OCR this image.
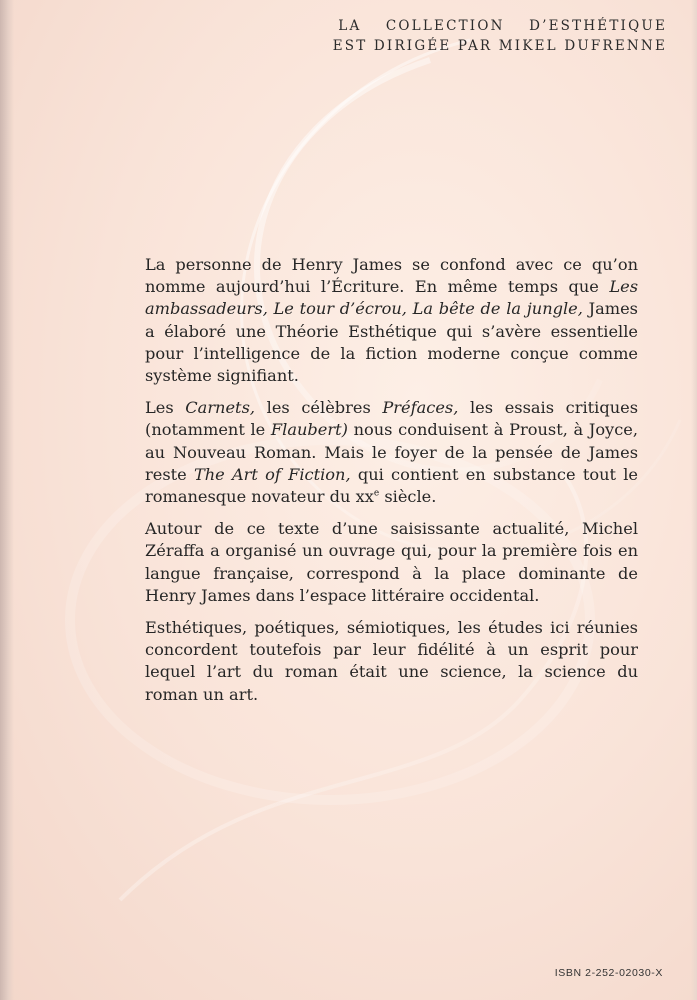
LA COLLECTION D’ESTHÉTIQUE
EST DIRIGÉE PAR MIKEL DUFRENNE

La personne de Henry James se confond avec ce qu’on nomme aujourd’hui l’Écriture. En même temps que Les ambassadeurs, Le tour d’écrou, La bête de la jungle, James a élaboré une Théorie Esthétique qui s’avère essentielle pour l’intelligence de la fiction moderne conçue comme système signifiant.

Les Carnets, les célèbres Préfaces, les essais critiques (notamment le Flaubert) nous conduisent à Proust, à Joyce, au Nouveau Roman. Mais le foyer de la pensée de James reste The Art of Fiction, qui contient en substance tout le romanesque novateur du $xx^e$ siècle.

Autour de ce texte d’une saisissante actualité, Michel Zéraffa a organisé un ouvrage qui, pour la première fois en langue française, correspond à la place dominante de Henry James dans l’espace littéraire occidental.

Esthétiques, poétiques, sémiotiques, les études ici réunies concordent toutefois par leur fidélité à un esprit pour lequel l’art du roman était une science, la science du roman un art.

ISBN 2-252-02030-X
